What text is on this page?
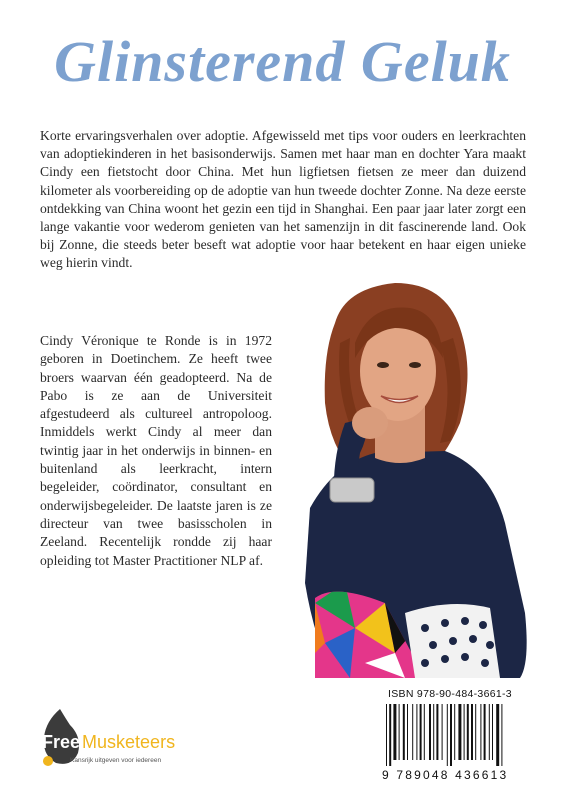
Glinsterend Geluk

Korte ervaringsverhalen over adoptie. Afgewisseld met tips voor ouders en leerkrachten van adoptiekinderen in het basisonderwijs. Samen met haar man en dochter Yara maakt Cindy een fietstocht door China. Met hun ligfietsen fietsen ze meer dan duizend kilometer als voorbereiding op de adoptie van hun tweede dochter Zonne. Na deze eerste ontdekking van China woont het gezin een tijd in Shanghai. Een paar jaar later zorgt een lange vakantie voor wederom genieten van het samenzijn in dit fascinerende land. Ook bij Zonne, die steeds beter beseft wat adoptie voor haar betekent en haar eigen unieke weg hierin vindt.

Cindy Véronique te Ronde is in 1972 geboren in Doetinchem. Ze heeft twee broers waarvan één geadopteerd. Na de Pabo is ze aan de Universiteit afgestudeerd als cultureel antropoloog. Inmiddels werkt Cindy al meer dan twintig jaar in het onderwijs in binnen- en buitenland als leerkracht, intern begeleider, coördinator, consultant en onderwijsbegeleider. De laatste jaren is ze directeur van twee basisscholen in Zeeland. Recentelijk rondde zij haar opleiding tot Master Practitioner NLP af.

ISBN 978-90-484-3661-3
9 789048 436613
Free Musketeers
Kansrijk uitgeven voor iedereen
